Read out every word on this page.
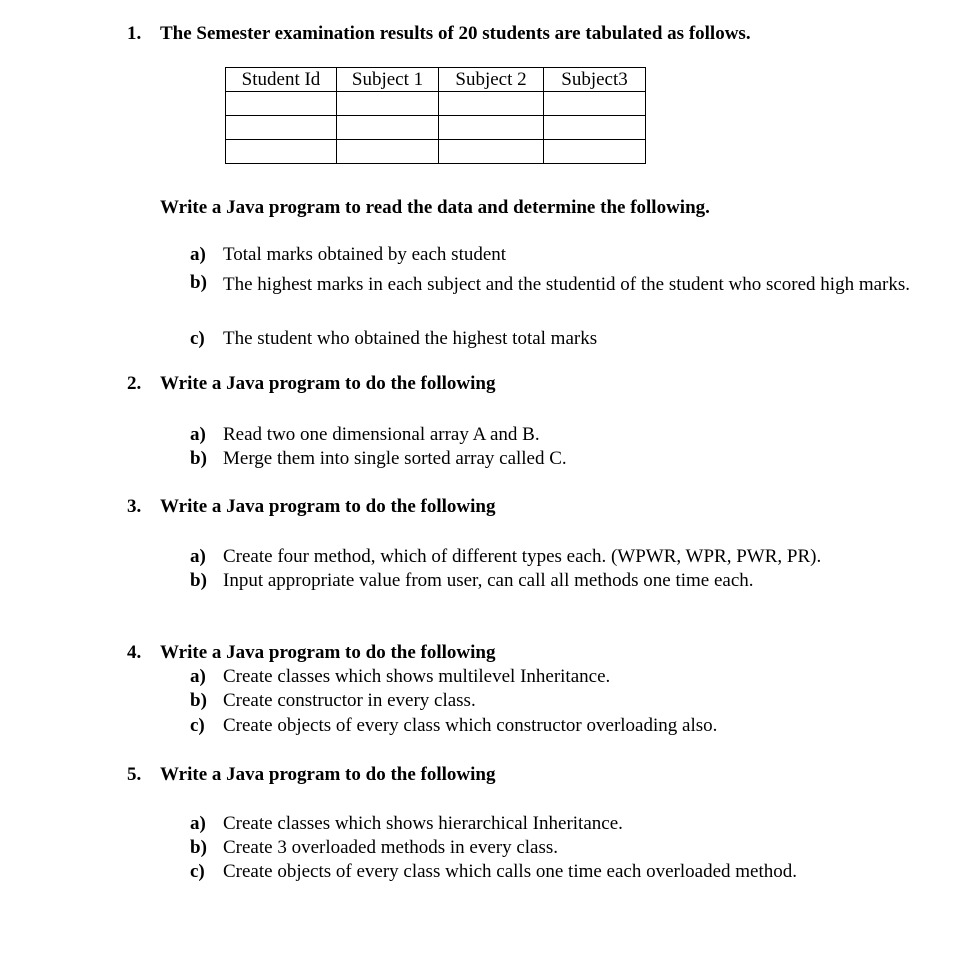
1. The Semester examination results of 20 students are tabulated as follows.
Student Id	Subject 1	Subject 2	Subject3

Write a Java program to read the data and determine the following.
a) Total marks obtained by each student
b) The highest marks in each subject and the studentid of the student who scored high marks.
c) The student who obtained the highest total marks
2. Write a Java program to do the following
a) Read two one dimensional array A and B.
b) Merge them into single sorted array called C.
3. Write a Java program to do the following
a) Create four method, which of different types each. (WPWR, WPR, PWR, PR).
b) Input appropriate value from user, can call all methods one time each.
4. Write a Java program to do the following
a) Create classes which shows multilevel Inheritance.
b) Create constructor in every class.
c) Create objects of every class which constructor overloading also.
5. Write a Java program to do the following
a) Create classes which shows hierarchical Inheritance.
b) Create 3 overloaded methods in every class.
c) Create objects of every class which calls one time each overloaded method.
